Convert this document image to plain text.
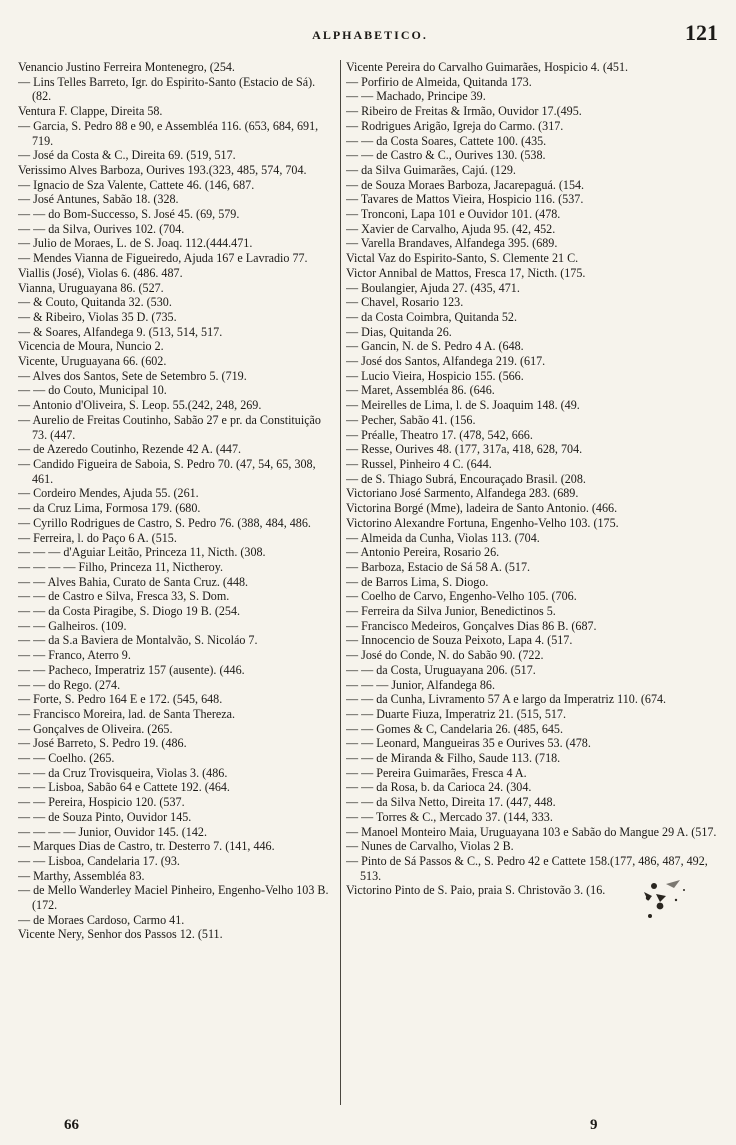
ALPHABETICO.	121

Venancio Justino Ferreira Montenegro, (254.

— Lins Telles Barreto, Igr. do Espirito-Santo (Estacio de Sá). (82.

Ventura F. Clappe, Direita 58.

— Garcia, S. Pedro 88 e 90, e Assembléa 116. (653, 684, 691, 719.

— José da Costa & C., Direita 69. (519, 517.

Verissimo Alves Barboza, Ourives 193.(323, 485, 574, 704.

— Ignacio de Sza Valente, Cattete 46. (146, 687.

— José Antunes, Sabão 18. (328.

— — do Bom-Successo, S. José 45. (69, 579.

— — da Silva, Ourives 102. (704.

— Julio de Moraes, L. de S. Joaq. 112.(444.471.

— Mendes Vianna de Figueiredo, Ajuda 167 e Lavradio 77.

Viallis (José), Violas 6. (486. 487.

Vianna, Uruguayana 86. (527.

— & Couto, Quitanda 32. (530.

— & Ribeiro, Violas 35 D. (735.

— & Soares, Alfandega 9. (513, 514, 517.

Vicencia de Moura, Nuncio 2.

Vicente, Uruguayana 66. (602.

— Alves dos Santos, Sete de Setembro 5. (719.

— — do Couto, Municipal 10.

— Antonio d'Oliveira, S. Leop. 55.(242, 248, 269.

— Aurelio de Freitas Coutinho, Sabão 27 e pr. da Constituição 73. (447.

— de Azeredo Coutinho, Rezende 42 A. (447.

— Candido Figueira de Saboia, S. Pedro 70. (47, 54, 65, 308, 461.

— Cordeiro Mendes, Ajuda 55. (261.

— da Cruz Lima, Formosa 179. (680.

— Cyrillo Rodrigues de Castro, S. Pedro 76. (388, 484, 486.

— Ferreira, l. do Paço 6 A. (515.

— — — d'Aguiar Leitão, Princeza 11, Nicth. (308.

— — — — Filho, Princeza 11, Nictheroy.

— — Alves Bahia, Curato de Santa Cruz. (448.

— — de Castro e Silva, Fresca 33, S. Dom.

— — da Costa Piragibe, S. Diogo 19 B. (254.

— — Galheiros. (109.

— — da S.a Baviera de Montalvão, S. Nicoláo 7.

— — Franco, Aterro 9.

— — Pacheco, Imperatriz 157 (ausente). (446.

— — do Rego. (274.

— Forte, S. Pedro 164 E e 172. (545, 648.

— Francisco Moreira, lad. de Santa Thereza.

— Gonçalves de Oliveira. (265.

— José Barreto, S. Pedro 19. (486.

— — Coelho. (265.

— — da Cruz Trovisqueira, Violas 3. (486.

— — Lisboa, Sabão 64 e Cattete 192. (464.

— — Pereira, Hospicio 120. (537.

— — de Souza Pinto, Ouvidor 145.

— — — — Junior, Ouvidor 145. (142.

— Marques Dias de Castro, tr. Desterro 7. (141, 446.

— — Lisboa, Candelaria 17. (93.

— Marthy, Assembléa 83.

— de Mello Wanderley Maciel Pinheiro, Engenho-Velho 103 B. (172.

— de Moraes Cardoso, Carmo 41.

Vicente Nery, Senhor dos Passos 12. (511.

Vicente Pereira do Carvalho Guimarães, Hospicio 4. (451.

— Porfirio de Almeida, Quitanda 173.

— — Machado, Principe 39.

— Ribeiro de Freitas & Irmão, Ouvidor 17.(495.

— Rodrigues Arigão, Igreja do Carmo. (317.

— — da Costa Soares, Cattete 100. (435.

— — de Castro & C., Ourives 130. (538.

— da Silva Guimarães, Cajú. (129.

— de Souza Moraes Barboza, Jacarepaguá. (154.

— Tavares de Mattos Vieira, Hospicio 116. (537.

— Tronconi, Lapa 101 e Ouvidor 101. (478.

— Xavier de Carvalho, Ajuda 95. (42, 452.

— Varella Brandaves, Alfandega 395. (689.

Victal Vaz do Espirito-Santo, S. Clemente 21 C.

Victor Annibal de Mattos, Fresca 17, Nicth. (175.

— Boulangier, Ajuda 27. (435, 471.

— Chavel, Rosario 123.

— da Costa Coimbra, Quitanda 52.

— Dias, Quitanda 26.

— Gancin, N. de S. Pedro 4 A. (648.

— José dos Santos, Alfandega 219. (617.

— Lucio Vieira, Hospicio 155. (566.

— Maret, Assembléa 86. (646.

— Meirelles de Lima, l. de S. Joaquim 148. (49.

— Pecher, Sabão 41. (156.

— Préalle, Theatro 17. (478, 542, 666.

— Resse, Ourives 48. (177, 317a, 418, 628, 704.

— Russel, Pinheiro 4 C. (644.

— de S. Thiago Subrá, Encouraçado Brasil. (208.

Victoriano José Sarmento, Alfandega 283. (689.

Victorina Borgé (Mme), ladeira de Santo Antonio. (466.

Victorino Alexandre Fortuna, Engenho-Velho 103. (175.

— Almeida da Cunha, Violas 113. (704.

— Antonio Pereira, Rosario 26.

— Barboza, Estacio de Sá 58 A. (517.

— de Barros Lima, S. Diogo.

— Coelho de Carvo, Engenho-Velho 105. (706.

— Ferreira da Silva Junior, Benedictinos 5.

— Francisco Medeiros, Gonçalves Dias 86 B. (687.

— Innocencio de Souza Peixoto, Lapa 4. (517.

— José do Conde, N. do Sabão 90. (722.

— — da Costa, Uruguayana 206. (517.

— — — Junior, Alfandega 86.

— — da Cunha, Livramento 57 A e largo da Imperatriz 110. (674.

— — Duarte Fiuza, Imperatriz 21. (515, 517.

— — Gomes & C, Candelaria 26. (485, 645.

— — Leonard, Mangueiras 35 e Ourives 53. (478.

— — de Miranda & Filho, Saude 113. (718.

— — Pereira Guimarães, Fresca 4 A.

— — da Rosa, b. da Carioca 24. (304.

— — da Silva Netto, Direita 17. (447, 448.

— — Torres & C., Mercado 37. (144, 333.

— Manoel Monteiro Maia, Uruguayana 103 e Sabão do Mangue 29 A. (517.

— Nunes de Carvalho, Violas 2 B.

— Pinto de Sá Passos & C., S. Pedro 42 e Cattete 158.(177, 486, 487, 492, 513.

Victorino Pinto de S. Paio, praia S. Christovão 3. (16.

66	9
